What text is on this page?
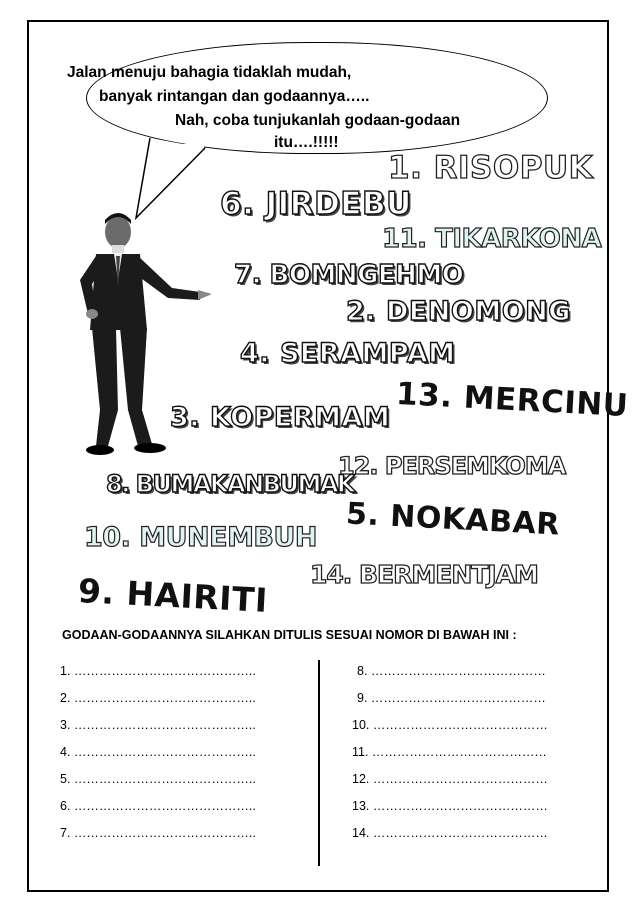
Jalan menuju bahagia tidaklah mudah,
banyak rintangan dan godaannya…..
Nah, coba tunjukanlah godaan-godaan
itu….!!!!!
1. RISOPUK
6. JIRDEBU
11. TIKARKONA
7. BOMNGEHMO
2. DENOMONG
4. SERAMPAM
13. MERCINU
3. KOPERMAM
12. PERSEMKOMA
8. BUMAKANBUMAK
5. NOKABAR
10. MUNEMBUH
14. BERMENTJAM
9. HAIRITI
GODAAN-GODAANNYA SILAHKAN DITULIS SESUAI NOMOR DI BAWAH INI :
1. ……………………………………..
2. ……………………………………..
3. ……………………………………..
4. ……………………………………..
5. ……………………………………..
6. ……………………………………..
7. ……………………………………..
8. ……………………………………
9. ……………………………………
10. ……………………………………
11. ……………………………………
12. ……………………………………
13. ……………………………………
14. ……………………………………
